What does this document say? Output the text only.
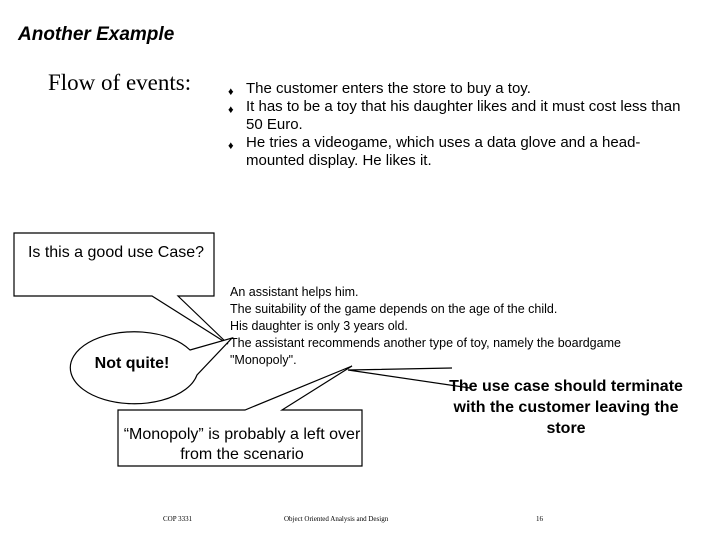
Another Example
Flow of events:	♦ The customer enters the store to buy a toy.
♦ It has to be a toy that his daughter likes and it must cost less than 50 Euro.
♦ He tries a videogame, which uses a data glove and a head-mounted display. He likes it.
An assistant helps him.
The suitability of the game depends on the age of the child.
His daughter is only 3 years old.
The assistant recommends another type of toy, namely the boardgame
"Monopoly".
Is this a good use Case?
Not quite!
“Monopoly” is probably a left over from the scenario
The use case should terminate with the customer leaving the store
COP 3331	Object Oriented Analysis and Design	16
